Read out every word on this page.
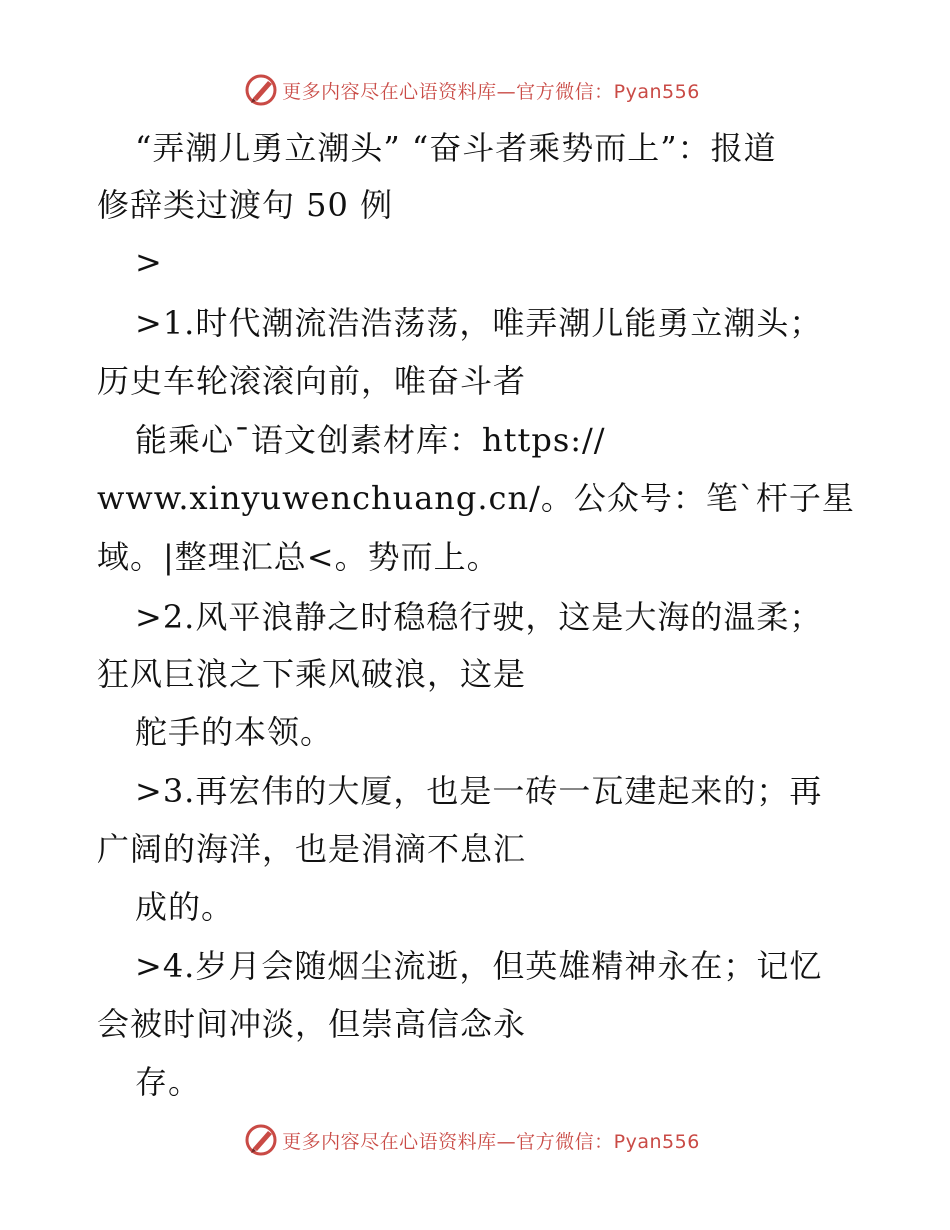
更多内容尽在心语资料库—官方微信：Pyan556
“弄潮儿勇立潮头” “奋斗者乘势而上”：报道
修辞类过渡句 50 例
>
>1.时代潮流浩浩荡荡，唯弄潮儿能勇立潮头；
历史车轮滚滚向前，唯奋斗者
能乘心¯语文创素材库：https://
www.xinyuwenchuang.cn/。公众号：笔`杆子星
域。|整理汇总<。势而上。
>2.风平浪静之时稳稳行驶，这是大海的温柔；
狂风巨浪之下乘风破浪，这是
舵手的本领。
>3.再宏伟的大厦，也是一砖一瓦建起来的；再
广阔的海洋，也是涓滴不息汇
成的。
>4.岁月会随烟尘流逝，但英雄精神永在；记忆
会被时间冲淡，但崇高信念永
存。
更多内容尽在心语资料库—官方微信：Pyan556
